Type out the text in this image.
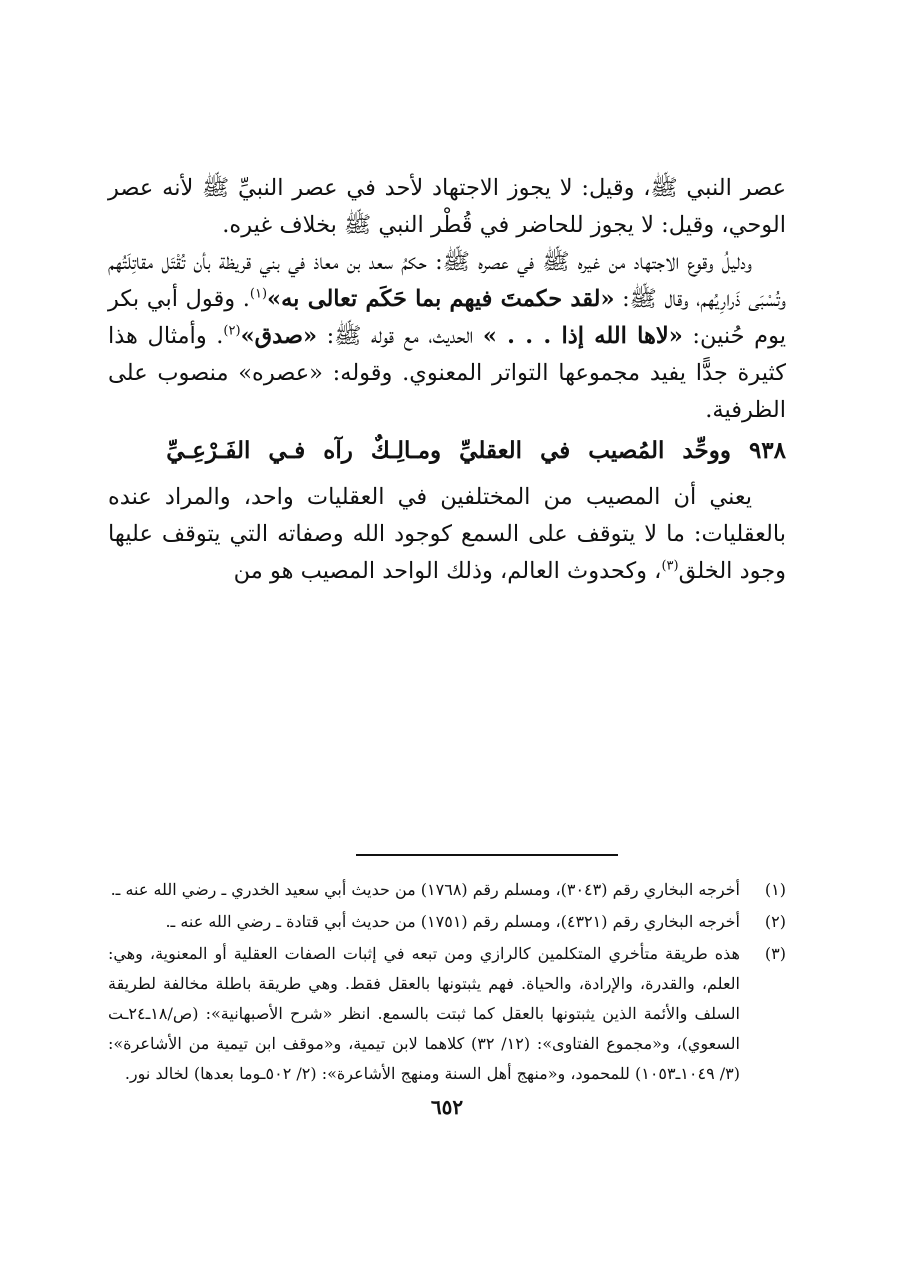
عصر النبي ﷺ، وقيل: لا يجوز الاجتهاد لأحد في عصر النبيِّ ﷺ لأنه عصر الوحي، وقيل: لا يجوز للحاضر في قُطْر النبي ﷺ بخلاف غيره.

ودليلُ وقوع الاجتهاد من غيره ﷺ في عصره ﷺ: حكمُ سعد بن معاذ في بني قريظة بأن تُقْتَل مقاتِلَتُهم وتُسْبَى ذَرارِيُهم، وقال ﷺ: «لقد حكمتَ فيهم بما حَكَم تعالى به»$^{(١)}$. وقول أبي بكر يوم حُنين: «لاها الله إذا . . . » الحديث، مع قوله ﷺ: «صدق»$^{(٢)}$. وأمثال هذا كثيرة جدًّا يفيد مجموعها التواتر المعنوي. وقوله: «عصره» منصوب على الظرفية.

٩٣٨ ووحِّد المُصيب في العقليِّ ومـالِـكٌ رآه فـي الفَـرْعِـيِّ

يعني أن المصيب من المختلفين في العقليات واحد، والمراد عنده بالعقليات: ما لا يتوقف على السمع كوجود الله وصفاته التي يتوقف عليها وجود الخلق$^{(٣)}$، وكحدوث العالم، وذلك الواحد المصيب هو من

(١)
أخرجه البخاري رقم (٣٠٤٣)، ومسلم رقم (١٧٦٨) من حديث أبي سعيد الخدري ـ رضي الله عنه ـ.
(٢)
أخرجه البخاري رقم (٤٣٢١)، ومسلم رقم (١٧٥١) من حديث أبي قتادة ـ رضي الله عنه ـ.
(٣)
هذه طريقة متأخري المتكلمين كالرازي ومن تبعه في إثبات الصفات العقلية أو المعنوية، وهي: العلم، والقدرة، والإرادة، والحياة. فهم يثبتونها بالعقل فقط. وهي طريقة باطلة مخالفة لطريقة السلف والأئمة الذين يثبتونها بالعقل كما ثبتت بالسمع. انظر «شرح الأصبهانية»: (ص/١٨ـ٢٤ـت السعوي)، و«مجموع الفتاوى»: (١٢/ ٣٢) كلاهما لابن تيمية، و«موقف ابن تيمية من الأشاعرة»: (٣/ ١٠٤٩ـ١٠٥٣) للمحمود، و«منهج أهل السنة ومنهج الأشاعرة»: (٢/ ٥٠٢ـوما بعدها) لخالد نور.
٦٥٢
